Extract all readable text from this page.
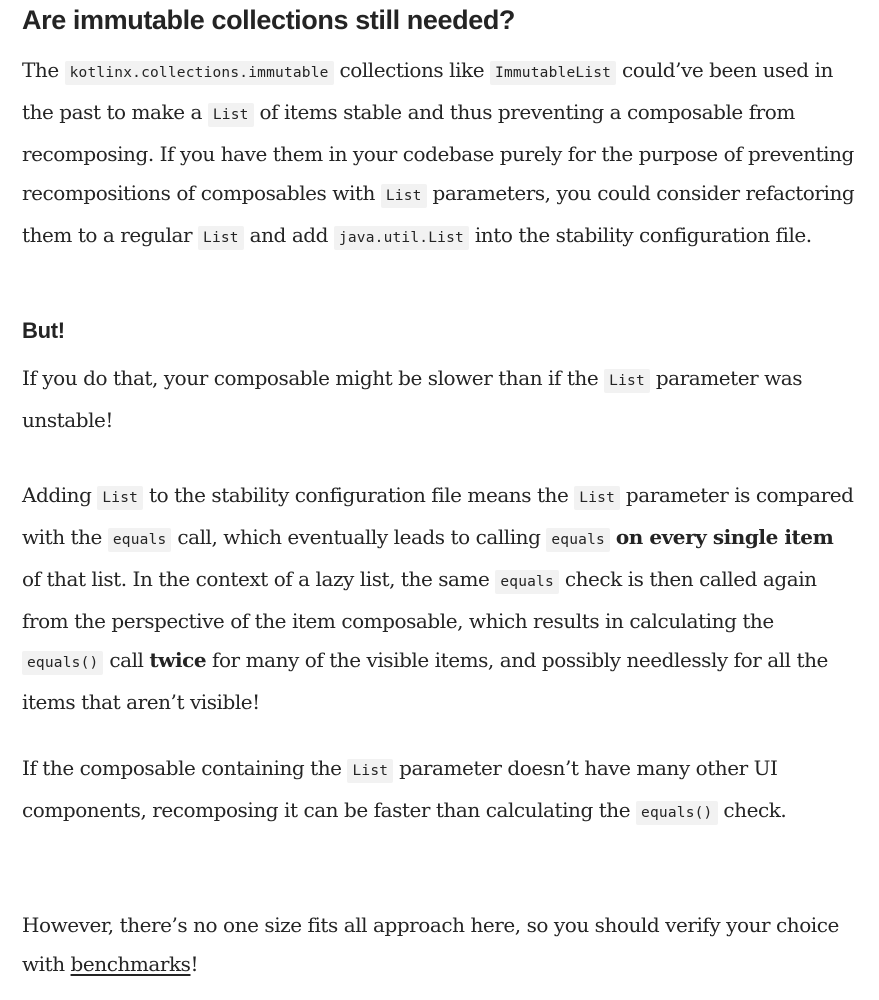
Are immutable collections still needed?

The kotlinx.collections.immutable collections like ImmutableList could’ve been used in the past to make a List of items stable and thus preventing a composable from recomposing. If you have them in your codebase purely for the purpose of preventing recompositions of composables with List parameters, you could consider refactoring them to a regular List and add java.util.List into the stability configuration file.

But!

If you do that, your composable might be slower than if the List parameter was unstable!

Adding List to the stability configuration file means the List parameter is compared with the equals call, which eventually leads to calling equals on every single item of that list. In the context of a lazy list, the same equals check is then called again from the perspective of the item composable, which results in calculating the equals() call twice for many of the visible items, and possibly needlessly for all the items that aren’t visible!

If the composable containing the List parameter doesn’t have many other UI components, recomposing it can be faster than calculating the equals() check.

However, there’s no one size fits all approach here, so you should verify your choice with benchmarks!
